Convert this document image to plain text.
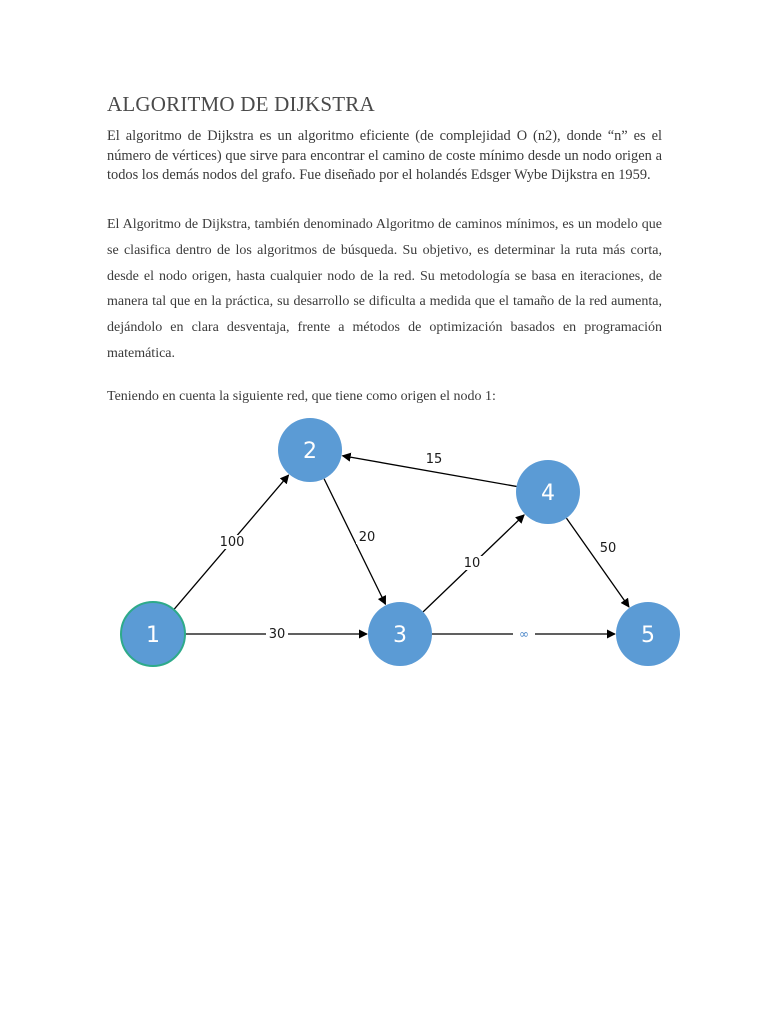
ALGORITMO DE DIJKSTRA

El algoritmo de Dijkstra es un algoritmo eficiente (de complejidad O (n2), donde “n” es el número de vértices) que sirve para encontrar el camino de coste mínimo desde un nodo origen a todos los demás nodos del grafo. Fue diseñado por el holandés Edsger Wybe Dijkstra en 1959.

El Algoritmo de Dijkstra, también denominado Algoritmo de caminos mínimos, es un modelo que se clasifica dentro de los algoritmos de búsqueda. Su objetivo, es determinar la ruta más corta, desde el nodo origen, hasta cualquier nodo de la red. Su metodología se basa en iteraciones, de manera tal que en la práctica, su desarrollo se dificulta a medida que el tamaño de la red aumenta, dejándolo en clara desventaja, frente a métodos de optimización basados en programación matemática.

Teniendo en cuenta la siguiente red, que tiene como origen el nodo 1:

100
30
20
10
15
50
∞
1
2
3
4
5
